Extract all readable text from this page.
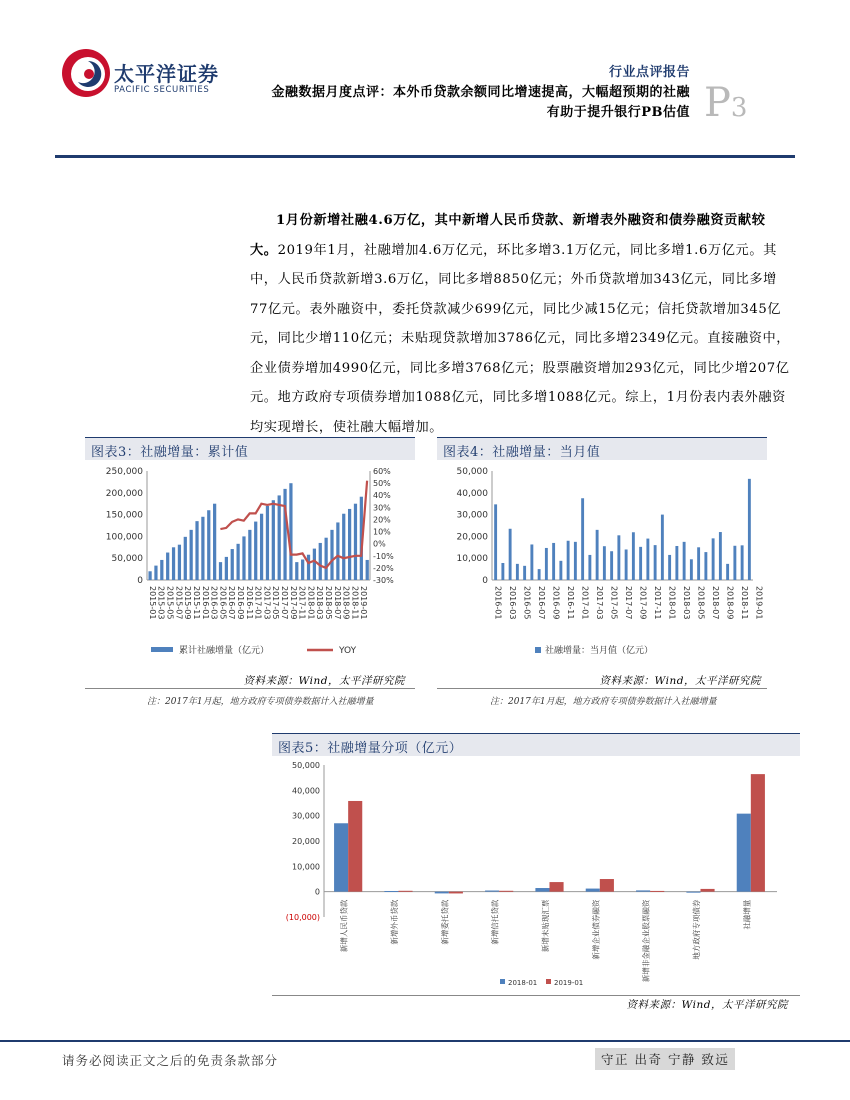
太平洋证券
PACIFIC SECURITIES
行业点评报告
金融数据月度点评：本外币贷款余额同比增速提高，大幅超预期的社融
有助于提升银行PB估值 P3
1月份新增社融4.6万亿，其中新增人民币贷款、新增表外融资和债券融资贡献较
大。2019年1月，社融增加4.6万亿元，环比多增3.1万亿元，同比多增1.6万亿元。其
中，人民币贷款新增3.6万亿，同比多增8850亿元；外币贷款增加343亿元，同比多增
77亿元。表外融资中，委托贷款减少699亿元，同比少减15亿元；信托贷款增加345亿
元，同比少增110亿元；未贴现贷款增加3786亿元，同比多增2349亿元。直接融资中，
企业债券增加4990亿元，同比多增3768亿元；股票融资增加293亿元，同比少增207亿
元。地方政府专项债券增加1088亿元，同比多增1088亿元。综上，1月份表内表外融资
均实现增长，使社融大幅增加。
图表3：社融增量：累计值
250,000
200,000
150,000
100,000
50,000
0
60%
50%
40%
30%
20%
10%
0%
-10%
-20%
-30%
2015-01 2015-03 2015-05 2015-07 2015-09 2015-11 2016-01 2016-03 2016-05 2016-07 2016-09 2016-11 2017-01 2017-03 2017-05 2017-07 2017-09 2017-11 2018-01 2018-03 2018-05 2018-07 2018-09 2018-11 2019-01
累计社融增量（亿元）	YOY
资料来源：Wind，太平洋研究院
注：2017年1月起，地方政府专项债券数据计入社融增量
图表4：社融增量：当月值
50,000
40,000
30,000
20,000
10,000
0
2016-01 2016-03 2016-05 2016-07 2016-09 2016-11 2017-01 2017-03 2017-05 2017-07 2017-09 2017-11 2018-01 2018-03 2018-05 2018-07 2018-09 2018-11 2019-01
社融增量：当月值（亿元）
资料来源：Wind，太平洋研究院
注：2017年1月起，地方政府专项债券数据计入社融增量
图表5：社融增量分项（亿元）
50,000
40,000
30,000
20,000
10,000
0
(10,000)	新增人民币贷款	新增外币贷款	新增委托贷款	新增信托贷款	新增未贴现汇票	新增企业债券融资	新增非金融企业股票融资	地方政府专项债券	社融增量
2018-01 2019-01
资料来源：Wind，太平洋研究院
请务必阅读正文之后的免责条款部分	守正 出奇 宁静 致远
